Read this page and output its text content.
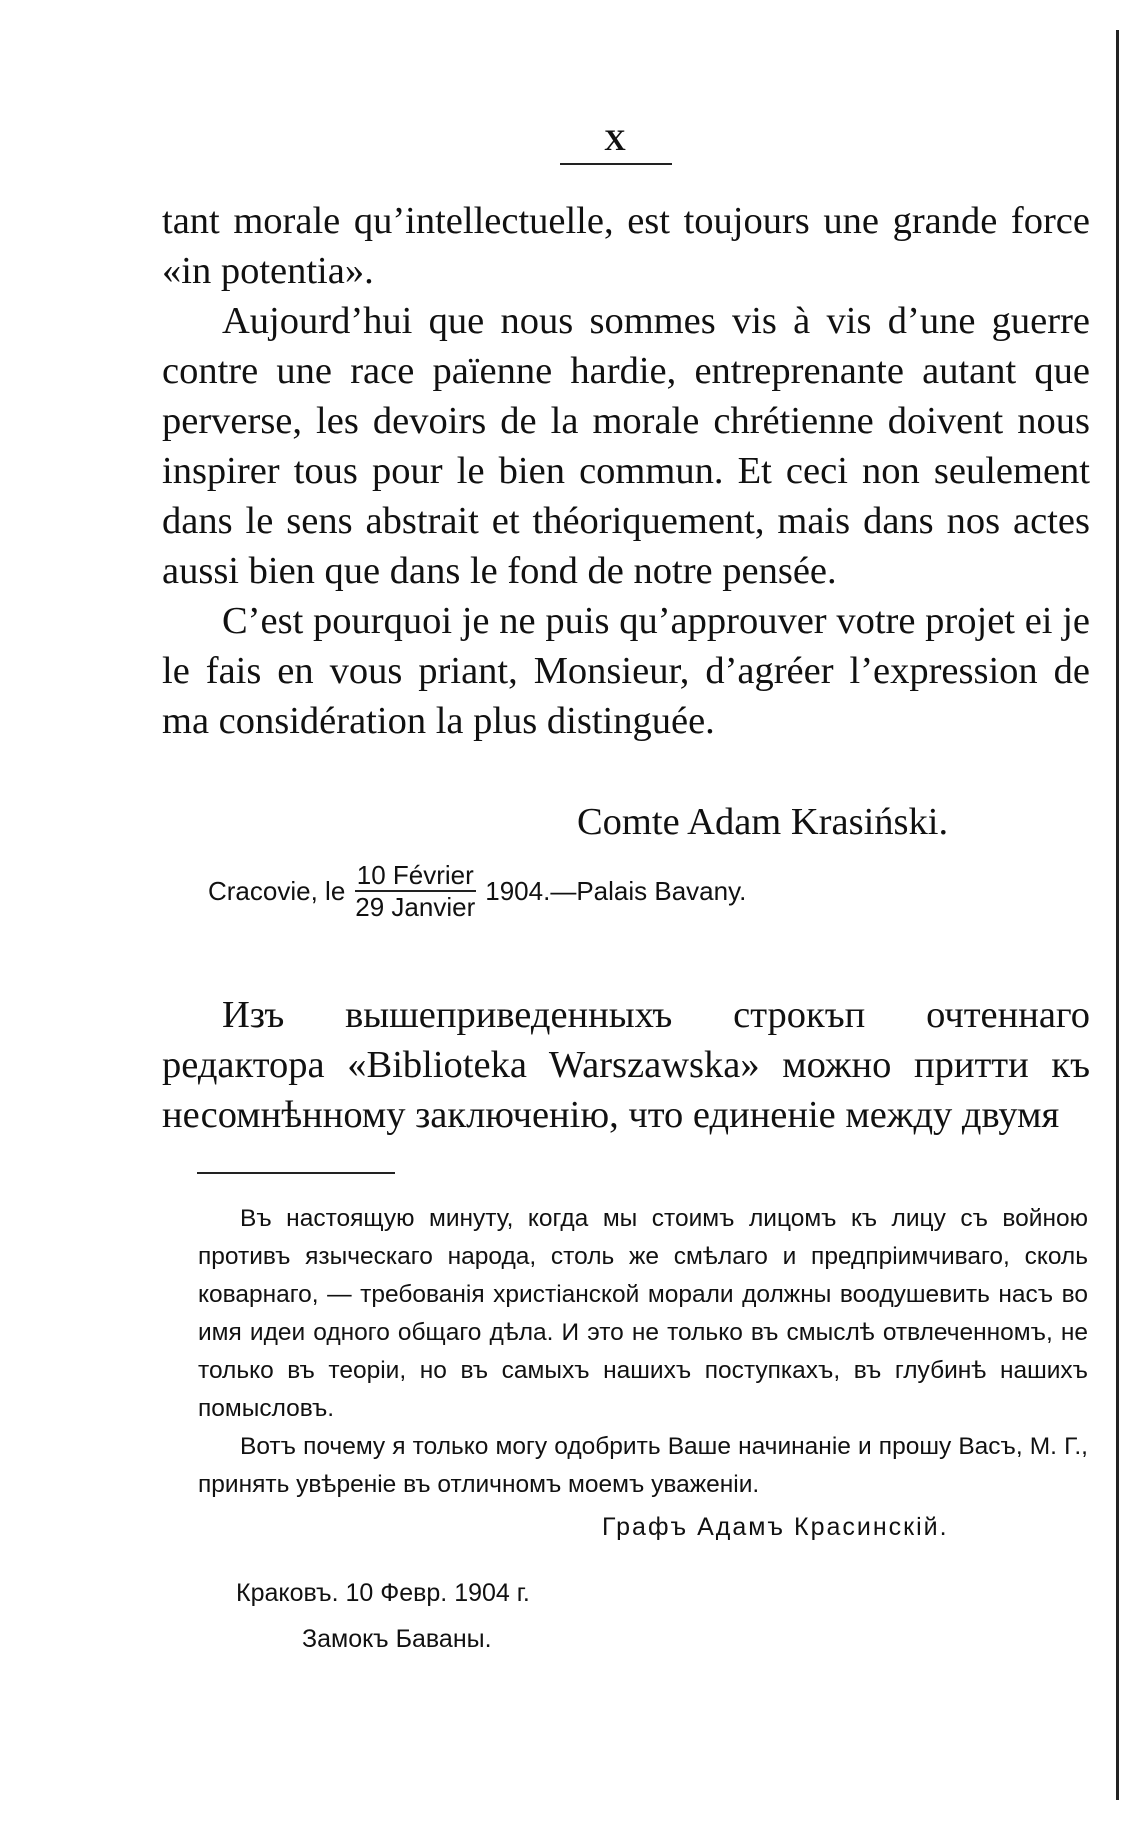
X

tant morale qu’intellectuelle, est toujours une grande force «in potentia».

Aujourd’hui que nous sommes vis à vis d’une guerre contre une race païenne hardie, entreprenante autant que perverse, les devoirs de la morale chrétienne doivent nous inspirer tous pour le bien commun. Et ceci non seulement dans le sens abstrait et théoriquement, mais dans nos actes aussi bien que dans le fond de notre pensée.

C’est pourquoi je ne puis qu’approuver votre projet ei je le fais en vous priant, Monsieur, d’agréer l’expression de ma considération la plus distinguée.

Comte Adam Krasiński.
Cracovie, le $\frac{\text{10 Février}}{\text{29 Janvier}}$ 1904.—Palais Bavany.
Изъ вышеприведенныхъ строкъп очтеннаго редактора «Biblioteka Warszawska» можно притти къ несомнѣнному заключенію, что единеніе между двумя

Въ настоящую минуту, когда мы стоимъ лицомъ къ лицу съ войною противъ языческаго народа, столь же смѣлаго и предпріимчиваго, сколь коварнаго, — требованія христіанской морали должны воодушевить насъ во имя идеи одного общаго дѣла. И это не только въ смыслѣ отвлеченномъ, не только въ теоріи, но въ самыхъ нашихъ поступкахъ, въ глубинѣ нашихъ помысловъ.

Вотъ почему я только могу одобрить Ваше начинаніе и прошу Васъ, М. Г., принять увѣреніе въ отличномъ моемъ уваженіи.

Графъ Адамъ Красинскій.
Краковъ. 10 Февр. 1904 г.
Замокъ Баваны.
